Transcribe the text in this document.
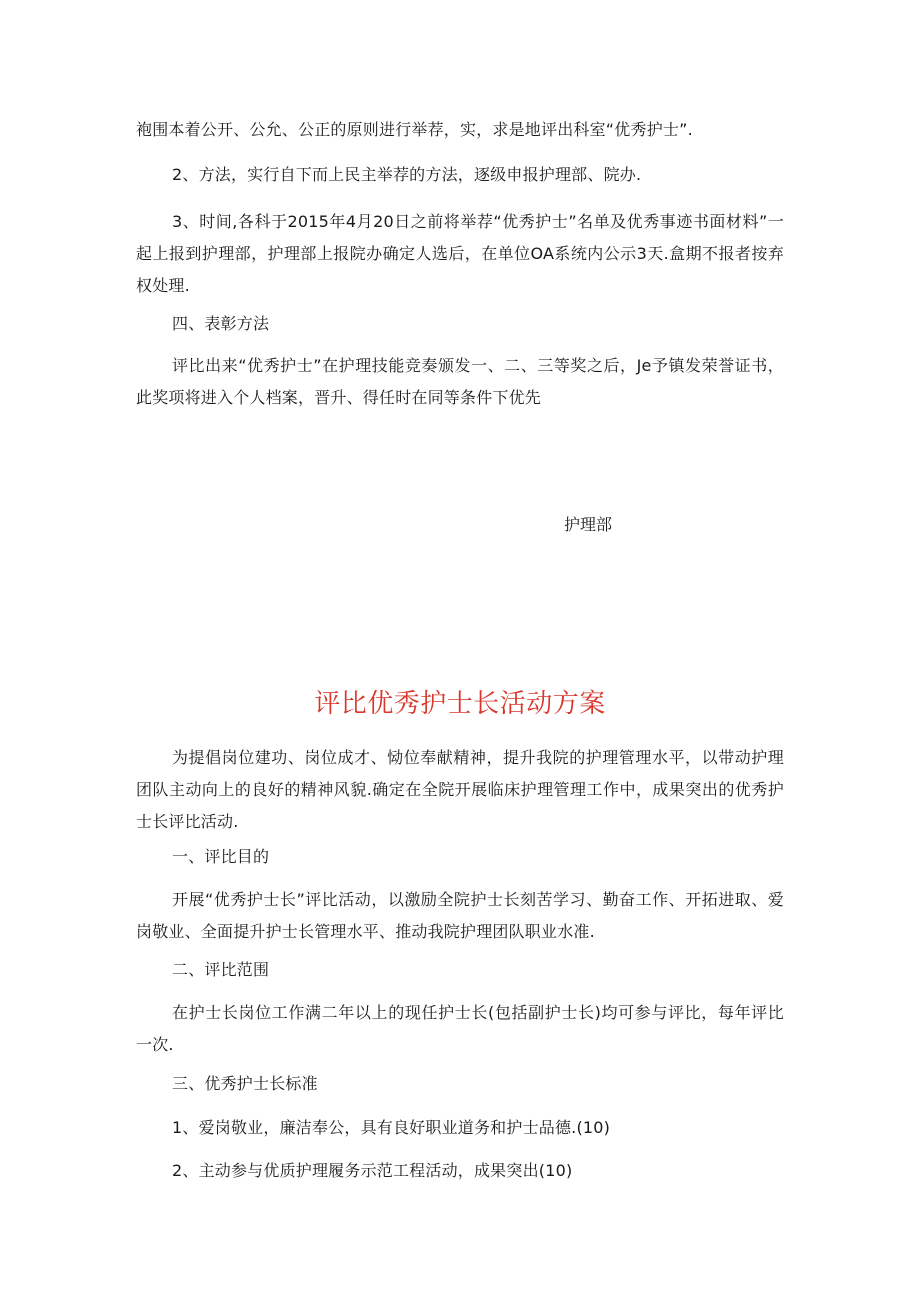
袍围本着公开、公允、公正的原则进行举荐，实，求是地评出科室“优秀护士”.

2、方法，实行自下而上民主举荐的方法，逐级申报护理部、院办.

3、时间,各科于2015年4月20日之前将举荐“优秀护士”名单及优秀事迹书面材料”一起上报到护理部，护理部上报院办确定人选后，在单位OA系统内公示3天.盒期不报者按弃权处理.

四、表彰方法

评比出来“优秀护士”在护理技能竞奏颁发一、二、三等奖之后，Je予镇发荣誉证书，此奖项将进入个人档案，晋升、得任时在同等条件下优先

护理部

评比优秀护士长活动方案

为提倡岗位建功、岗位成才、恸位奉献精神，提升我院的护理管理水平，以带动护理团队主动向上的良好的精神风貌.确定在全院开展临床护理管理工作中，成果突出的优秀护士长评比活动.

一、评比目的

开展“优秀护士长”评比活动，以激励全院护士长刻苦学习、勤奋工作、开拓进取、爱岗敬业、全面提升护士长管理水平、推动我院护理团队职业水准.

二、评比范围

在护士长岗位工作满二年以上的现任护士长(包括副护士长)均可参与评比，每年评比一次.

三、优秀护士长标准

1、爱岗敬业，廉洁奉公，具有良好职业道务和护士品德.(10)

2、主动参与优质护理履务示范工程活动，成果突出(10)
